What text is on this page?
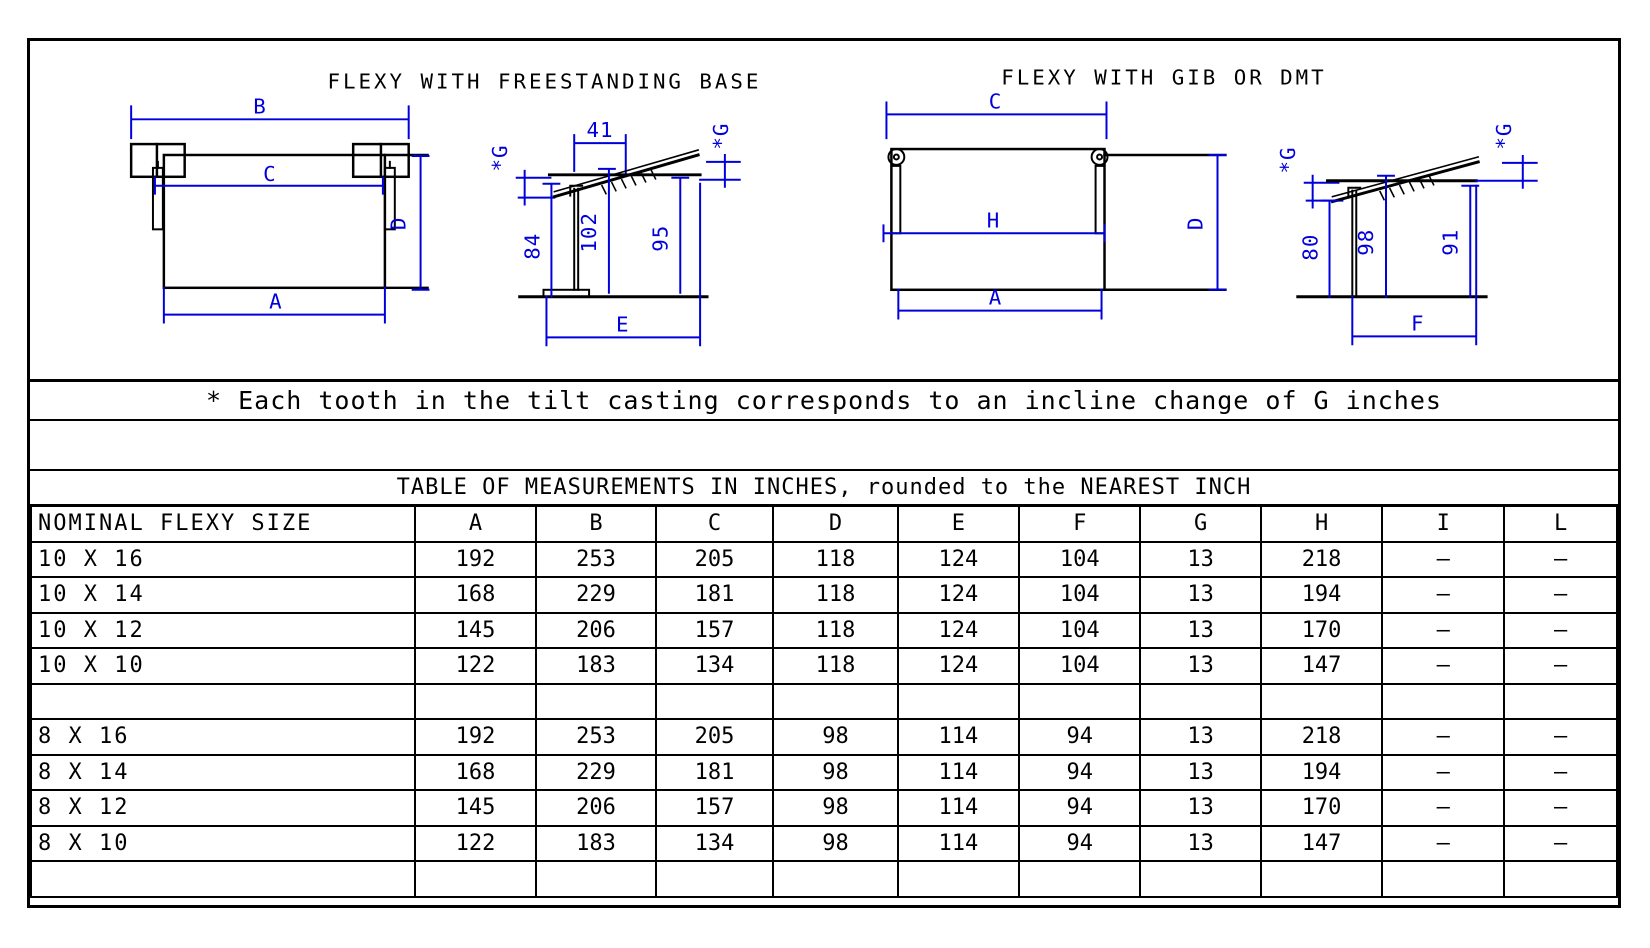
FLEXY WITH FREESTANDING BASE
B
C
D
A
41
*G
84 102 95
*G
E
FLEXY WITH GIB OR DMT
C
H	D
A
*G
80 98	91
*G
F
* Each tooth in the tilt casting corresponds to an incline change of G inches
TABLE OF MEASUREMENTS IN INCHES, rounded to the NEAREST INCH
NOMINAL FLEXY SIZE	A	B	C	D	E	F	G	H	I	L
10 X 16	192	253	205	118	124	104	13	218	–	–
10 X 14	168	229	181	118	124	104	13	194	–	–
10 X 12	145	206	157	118	124	104	13	170	–	–
10 X 10	122	183	134	118	124	104	13	147	–	–

8 X 16	192	253	205	98	114	94	13	218	–	–
8 X 14	168	229	181	98	114	94	13	194	–	–
8 X 12	145	206	157	98	114	94	13	170	–	–
8 X 10	122	183	134	98	114	94	13	147	–	–
